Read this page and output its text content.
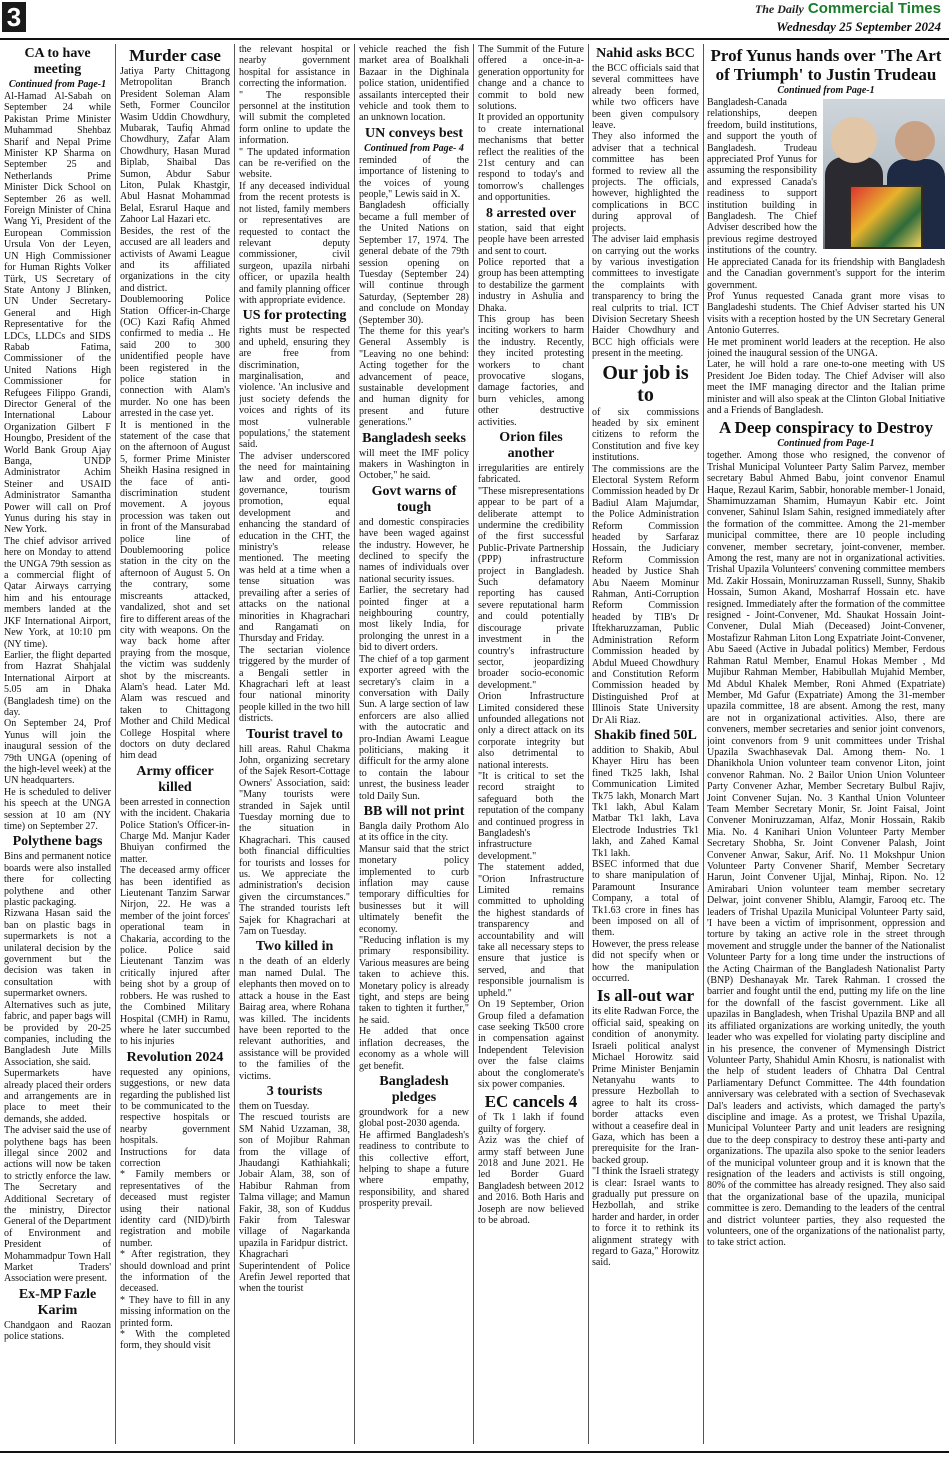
3	The Daily Commercial Times
Wednesday 25 September 2024
CA to have meeting
Continued from Page-1

Al-Hamad Al-Sabah on September 24 while Pakistan Prime Minister Muhammad Shehbaz Sharif and Nepal Prime Minister KP Sharma on September 25 and Netherlands Prime Minister Dick School on September 26 as well. Foreign Minister of China Wang Yi, President of the European Commission Ursula Von der Leyen, UN High Commissioner for Human Rights Volker Türk, US Secretary of State Antony J Blinken, UN Under Secretary-General and High Representative for the LDCs, LLDCs and SIDS Rabab Fatima, Commissioner of the United Nations High Commissioner for Refugees Filippo Grandi, Director General of the International Labour Organization Gilbert F Houngbo, President of the World Bank Group Ajay Banga, UNDP Administrator Achim Steiner and USAID Administrator Samantha Power will call on Prof Yunus during his stay in New York.

The chief advisor arrived here on Monday to attend the UNGA 79th session as a commercial flight of Qatar Airways carrying him and his entourage members landed at the JKF International Airport, New York, at 10:10 pm (NY time).

Earlier, the flight departed from Hazrat Shahjalal International Airport at 5.05 am in Dhaka (Bangladesh time) on the day.

On September 24, Prof Yunus will join the inaugural session of the 79th UNGA (opening of the high-level week) at the UN headquarters.

He is scheduled to deliver his speech at the UNGA session at 10 am (NY time) on September 27.

Polythene bags

Bins and permanent notice boards were also installed there for collecting polythene and other plastic packaging.

Rizwana Hasan said the ban on plastic bags in supermarkets is not a unilateral decision by the government but the decision was taken in consultation with supermarket owners.

Alternatives such as jute, fabric, and paper bags will be provided by 20-25 companies, including the Bangladesh Jute Mills Association, she said.

Supermarkets have already placed their orders and arrangements are in place to meet their demands, she added.

The adviser said the use of polythene bags has been illegal since 2002 and actions will now be taken to strictly enforce the law. The Secretary and Additional Secretary of the ministry, Director General of the Department of Environment and President of Mohammadpur Town Hall Market Traders' Association were present.

Ex-MP Fazle Karim

Chandgaon and Raozan police stations.

Murder case

Jatiya Party Chittagong Metropolitan Branch President Soleman Alam Seth, Former Councilor Wasim Uddin Chowdhury, Mubarak, Taufiq Ahmad Chowdhury, Zafar Alam Chowdhury, Hasan Murad Biplab, Shaibal Das Sumon, Abdur Sabur Liton, Pulak Khastgir, Abul Hasnat Mohammad Belal, Esrarul Haque and Zahoor Lal Hazari etc.

Besides, the rest of the accused are all leaders and activists of Awami League and its affiliated organizations in the city and district.

Doublemooring Police Station Officer-in-Charge (OC) Kazi Rafiq Ahmed confirmed to media .. He said 200 to 300 unidentified people have been registered in the police station in connection with Alam's murder. No one has been arrested in the case yet.

It is mentioned in the statement of the case that on the afternoon of August 5, former Prime Minister Sheikh Hasina resigned in the face of anti-discrimination student movement. A joyous procession was taken out in front of the Mansurabad police line of Doublemooring police station in the city on the afternoon of August 5. On the contrary, some miscreants attacked, vandalized, shot and set fire to different areas of the city with weapons. On the way back home after praying from the mosque, the victim was suddenly shot by the miscreants. Alam's head. Later Md. Alam was rescued and taken to Chittagong Mother and Child Medical College Hospital where doctors on duty declared him dead

Army officer killed

been arrested in connection with the incident. Chakaria Police Station's Officer-in-Charge Md. Manjur Kader Bhuiyan confirmed the matter.

The deceased army officer has been identified as Lieutenant Tanzim Sarwar Nirjon, 22. He was a member of the joint forces' operational team in Chakaria, according to the police. Police said Lieutenant Tanzim was critically injured after being shot by a group of robbers. He was rushed to the Combined Military Hospital (CMH) in Ramu, where he later succumbed to his injuries

Revolution 2024

requested any opinions, suggestions, or new data regarding the published list to be communicated to the respective hospitals or nearby government hospitals.

Instructions for data correction

* Family members or representatives of the deceased must register using their national identity card (NID)/birth registration and mobile number.

* After registration, they should download and print the information of the deceased.

* They have to fill in any missing information on the printed form.

* With the completed form, they should visit

the relevant hospital or nearby government hospital for assistance in correcting the information.

" The responsible personnel at the institution will submit the completed form online to update the information.

" The updated information can be re-verified on the website.

If any deceased individual from the recent protests is not listed, family members or representatives are requested to contact the relevant deputy commissioner, civil surgeon, upazila nirbahi officer, or upazila health and family planning officer with appropriate evidence.

US for protecting

rights must be respected and upheld, ensuring they are free from discrimination, marginalisation, and violence. 'An inclusive and just society defends the voices and rights of its most vulnerable populations,' the statement said.

The adviser underscored the need for maintaining law and order, good governance, tourism promotion, equal development and enhancing the standard of education in the CHT, the ministry's release mentioned. The meeting was held at a time when a tense situation was prevailing after a series of attacks on the national minorities in Khagrachari and Rangamati on Thursday and Friday.

The sectarian violence triggered by the murder of a Bengali settler in Khagrachari left at least four national minority people killed in the two hill districts.

Tourist travel to

hill areas. Rahul Chakma John, organizing secretary of the Sajek Resort-Cottage Owners' Association, said: "Many tourists were stranded in Sajek until Tuesday morning due to the situation in Khagrachari. This caused both financial difficulties for tourists and losses for us. We appreciate the administration's decision given the circumstances." The stranded tourists left Sajek for Khagrachari at 7am on Tuesday.

Two killed in

n the death of an elderly man named Dulal. The elephants then moved on to attack a house in the East Bairag area, where Rohana was killed. The incidents have been reported to the relevant authorities, and assistance will be provided to the families of the victims.

3 tourists

them on Tuesday.

The rescued tourists are SM Nahid Uzzaman, 38, son of Mojibur Rahman from the village of Jhaudangi Kathiahkali; Jobair Alam, 38, son of Habibur Rahman from Talma village; and Mamun Fakir, 38, son of Kuddus Fakir from Taleswar village of Nagarkanda upazila in Faridpur district.

Khagrachari Superintendent of Police Arefin Jewel reported that when the tourist

vehicle reached the fish market area of Boalkhali Bazaar in the Dighinala police station, unidentified assailants intercepted their vehicle and took them to an unknown location.

UN conveys best
Continued from Page- 4

reminded of the importance of listening to the voices of young people," Lewis said in X.

Bangladesh officially became a full member of the United Nations on September 17, 1974. The general debate of the 79th session opening on Tuesday (September 24) will continue through Saturday, (September 28) and conclude on Monday (September 30).

The theme for this year's General Assembly is "Leaving no one behind: Acting together for the advancement of peace, sustainable development and human dignity for present and future generations."

Bangladesh seeks

will meet the IMF policy makers in Washington in October," he said.

Govt warns of tough

and domestic conspiracies have been waged against the industry. However, he declined to specify the names of individuals over national security issues.

Earlier, the secretary had pointed finger at a neighbouring country, most likely India, for prolonging the unrest in a bid to divert orders.

The chief of a top garment exporter agreed with the secretary's claim in a conversation with Daily Sun. A large section of law enforcers are also allied with the autocratic and pro-Indian Awami League politicians, making it difficult for the army alone to contain the labour unrest, the business leader told Daily Sun.

BB will not print

Bangla daily Prothom Alo at its office in the city.

Mansur said that the strict monetary policy implemented to curb inflation may cause temporary difficulties for businesses but it will ultimately benefit the economy.

"Reducing inflation is my primary responsibility. Various measures are being taken to achieve this. Monetary policy is already tight, and steps are being taken to tighten it further," he said.

He added that once inflation decreases, the economy as a whole will get benefit.

Bangladesh pledges

groundwork for a new global post-2030 agenda.

He affirmed Bangladesh's readiness to contribute to this collective effort, helping to shape a future where empathy, responsibility, and shared prosperity prevail.

The Summit of the Future offered a once-in-a-generation opportunity for change and a chance to commit to bold new solutions.

It provided an opportunity to create international mechanisms that better reflect the realities of the 21st century and can respond to today's and tomorrow's challenges and opportunities.

8 arrested over

station, said that eight people have been arrested and sent to court.

Police reported that a group has been attempting to destabilize the garment industry in Ashulia and Dhaka.

This group has been inciting workers to harm the industry. Recently, they incited protesting workers to chant provocative slogans, damage factories, and burn vehicles, among other destructive activities.

Orion files another

irregularities are entirely fabricated.

"These misrepresentations appear to be part of a deliberate attempt to undermine the credibility of the first successful Public-Private Partnership (PPP) infrastructure project in Bangladesh. Such defamatory reporting has caused severe reputational harm and could potentially discourage private investment in the country's infrastructure sector, jeopardizing broader socio-economic development."

Orion Infrastructure Limited considered these unfounded allegations not only a direct attack on its corporate integrity but also detrimental to national interests.

"It is critical to set the record straight to safeguard both the reputation of the company and continued progress in Bangladesh's infrastructure development."

The statement added, "Orion Infrastructure Limited remains committed to upholding the highest standards of transparency and accountability and will take all necessary steps to ensure that justice is served, and that responsible journalism is upheld."

On 19 September, Orion Group filed a defamation case seeking Tk500 crore in compensation against Independent Television over the false claims about the conglomerate's six power companies.

EC cancels 4

of Tk 1 lakh if found guilty of forgery.

Aziz was the chief of army staff between June 2018 and June 2021. He led Border Guard Bangladesh between 2012 and 2016. Both Haris and Joseph are now believed to be abroad.

Nahid asks BCC

the BCC officials said that several committees have already been formed, while two officers have been given compulsory leave.

They also informed the adviser that a technical committee has been formed to review all the projects. The officials, however, highlighted the complications in BCC during approval of projects.

The adviser laid emphasis on carrying out the works by various investigation committees to investigate the complaints with transparency to bring the real culprits to trial. ICT Division Secretary Sheesh Haider Chowdhury and BCC high officials were present in the meeting.

Our job is to

of six commissions headed by six eminent citizens to reform the Constitution and five key institutions.

The commissions are the Electoral System Reform Commission headed by Dr Badiul Alam Majumdar, the Police Administration Reform Commission headed by Sarfaraz Hossain, the Judiciary Reform Commission headed by Justice Shah Abu Naeem Mominur Rahman, Anti-Corruption Reform Commission headed by TIB's Dr Iftekharuzzaman, Public Administration Reform Commission headed by Abdul Mueed Chowdhury and Constitution Reform Commission headed by Distinguished Prof at Illinois State University Dr Ali Riaz.

Shakib fined 50L

addition to Shakib, Abul Khayer Hiru has been fined Tk25 lakh, Ishal Communication Limited Tk75 lakh, Monarch Mart Tk1 lakh, Abul Kalam Matbar Tk1 lakh, Lava Electrode Industries Tk1 lakh, and Zahed Kamal Tk1 lakh.

BSEC informed that due to share manipulation of Paramount Insurance Company, a total of Tk1.63 crore in fines has been imposed on all of them.

However, the press release did not specify when or how the manipulation occurred.

Is all-out war

its elite Radwan Force, the official said, speaking on condition of anonymity. Israeli political analyst Michael Horowitz said Prime Minister Benjamin Netanyahu wants to pressure Hezbollah to agree to halt its cross-border attacks even without a ceasefire deal in Gaza, which has been a prerequisite for the Iran-backed group.

"I think the Israeli strategy is clear: Israel wants to gradually put pressure on Hezbollah, and strike harder and harder, in order to force it to rethink its alignment strategy with regard to Gaza," Horowitz said.

Prof Yunus hands over 'The Art of Triumph' to Justin Trudeau
Continued from Page-1

Bangladesh-Canada relationships, deepen freedom, build institutions, and support the youth of Bangladesh. Trudeau appreciated Prof Yunus for assuming the responsibility and expressed Canada's readiness to support institution building in Bangladesh. The Chief Adviser described how the previous regime destroyed institutions of the country. He appreciated Canada for its friendship with Bangladesh and the Canadian government's support for the interim government.

Prof Yunus requested Canada grant more visas to Bangladeshi students. The Chief Adviser started his UN visits with a reception hosted by the UN Secretary General Antonio Guterres.

He met prominent world leaders at the reception. He also joined the inaugural session of the UNGA.

Later, he will hold a rare one-to-one meeting with US President Joe Biden today. The Chief Adviser will also meet the IMF managing director and the Italian prime minister and will also speak at the Clinton Global Initiative and a Friends of Bangladesh.

A Deep conspiracy to Destroy
Continued from Page-1

together. Among those who resigned, the convenor of Trishal Municipal Volunteer Party Salim Parvez, member secretary Babul Ahmed Babu, joint convenor Enamul Haque, Rezaul Karim, Sabbir, honorable member-1 Jonaid, Shamimuzzaman Shamim, Humayun Kabir etc. Joint convener, Sahinul Islam Sahin, resigned immediately after the formation of the committee. Among the 21-member municipal committee, there are 10 people including convener, member secretary, joint-convener, member. Among the rest, many are not in organizational activities. Trishal Upazila Volunteers' convening committee members Md. Zakir Hossain, Moniruzzaman Russell, Sunny, Shakib Hossain, Sumon Akand, Mosharraf Hossain etc. have resigned. Immediately after the formation of the committee resigned - Joint-Convener, Md. Shaukat Hossain Joint-Convener, Dulal Miah (Deceased) Joint-Convener, Mostafizur Rahman Liton Long Expatriate Joint-Convener, Abu Saeed (Active in Jubadal politics) Member, Ferdous Rahman Ratul Member, Enamul Hokas Member , Md Mujibur Rahman Member, Habibullah Mujahid Member, Md Abdul Khalek Member, Roni Ahmed (Expatriate) Member, Md Gafur (Expatriate) Among the 31-member upazila committee, 18 are absent. Among the rest, many are not in organizational activities. Also, there are conveners, member secretaries and senior joint convenors, joint convenors from 9 unit committees under Trishal Upazila Swachhasevak Dal. Among them- No. 1 Dhanikhola Union volunteer team convenor Liton, joint convenor Rahman. No. 2 Bailor Union Union Volunteer Party Convener Azhar, Member Secretary Bulbul Rajiv, Joint Convener Sujan. No. 3 Kanthal Union Volunteer Team Member Secretary Monir, Sr. Joint Faisal, Joint Convener Moniruzzaman, Alfaz, Monir Hossain, Rakib Mia. No. 4 Kanihari Union Volunteer Party Member Secretary Shobha, Sr. Joint Convener Palash, Joint Convener Anwar, Sakur, Arif. No. 11 Mokshpur Union Volunteer Party Convener Sharif, Member Secretary Harun, Joint Convener Ujjal, Minhaj, Ripon. No. 12 Amirabari Union volunteer team member secretary Delwar, joint convener Shiblu, Alamgir, Farooq etc. The leaders of Trishal Upazila Municipal Volunteer Party said, 'I have been a victim of imprisonment, oppression and torture by taking an active role in the street through movement and struggle under the banner of the Nationalist Volunteer Party for a long time under the instructions of the Acting Chairman of the Bangladesh Nationalist Party (BNP) Deshanayak Mr. Tarek Rahman. I crossed the barrier and fought until the end, putting my life on the line for the downfall of the fascist government. Like all upazilas in Bangladesh, when Trishal Upazila BNP and all its affiliated organizations are working unitedly, the youth leader who was expelled for violating party discipline and in his presence, the convener of Mymensingh District Volunteer Party, Shahidul Amin Khosru, is nationalist with the help of student leaders of Chhatra Dal Central Parliamentary Defunct Committee. The 44th foundation anniversary was celebrated with a section of Svechasevak Dal's leaders and activists, which damaged the party's discipline and image. As a protest, we Trishal Upazila, Municipal Volunteer Party and unit leaders are resigning due to the deep conspiracy to destroy these anti-party and organizations. The upazila also spoke to the senior leaders of the municipal volunteer group and it is known that the resignation of the leaders and activists is still ongoing, 80% of the committee has already resigned. They also said that the organizational base of the upazila, municipal committee is zero. Demanding to the leaders of the central and district volunteer parties, they also requested the volunteers, one of the organizations of the nationalist party, to take strict action.
